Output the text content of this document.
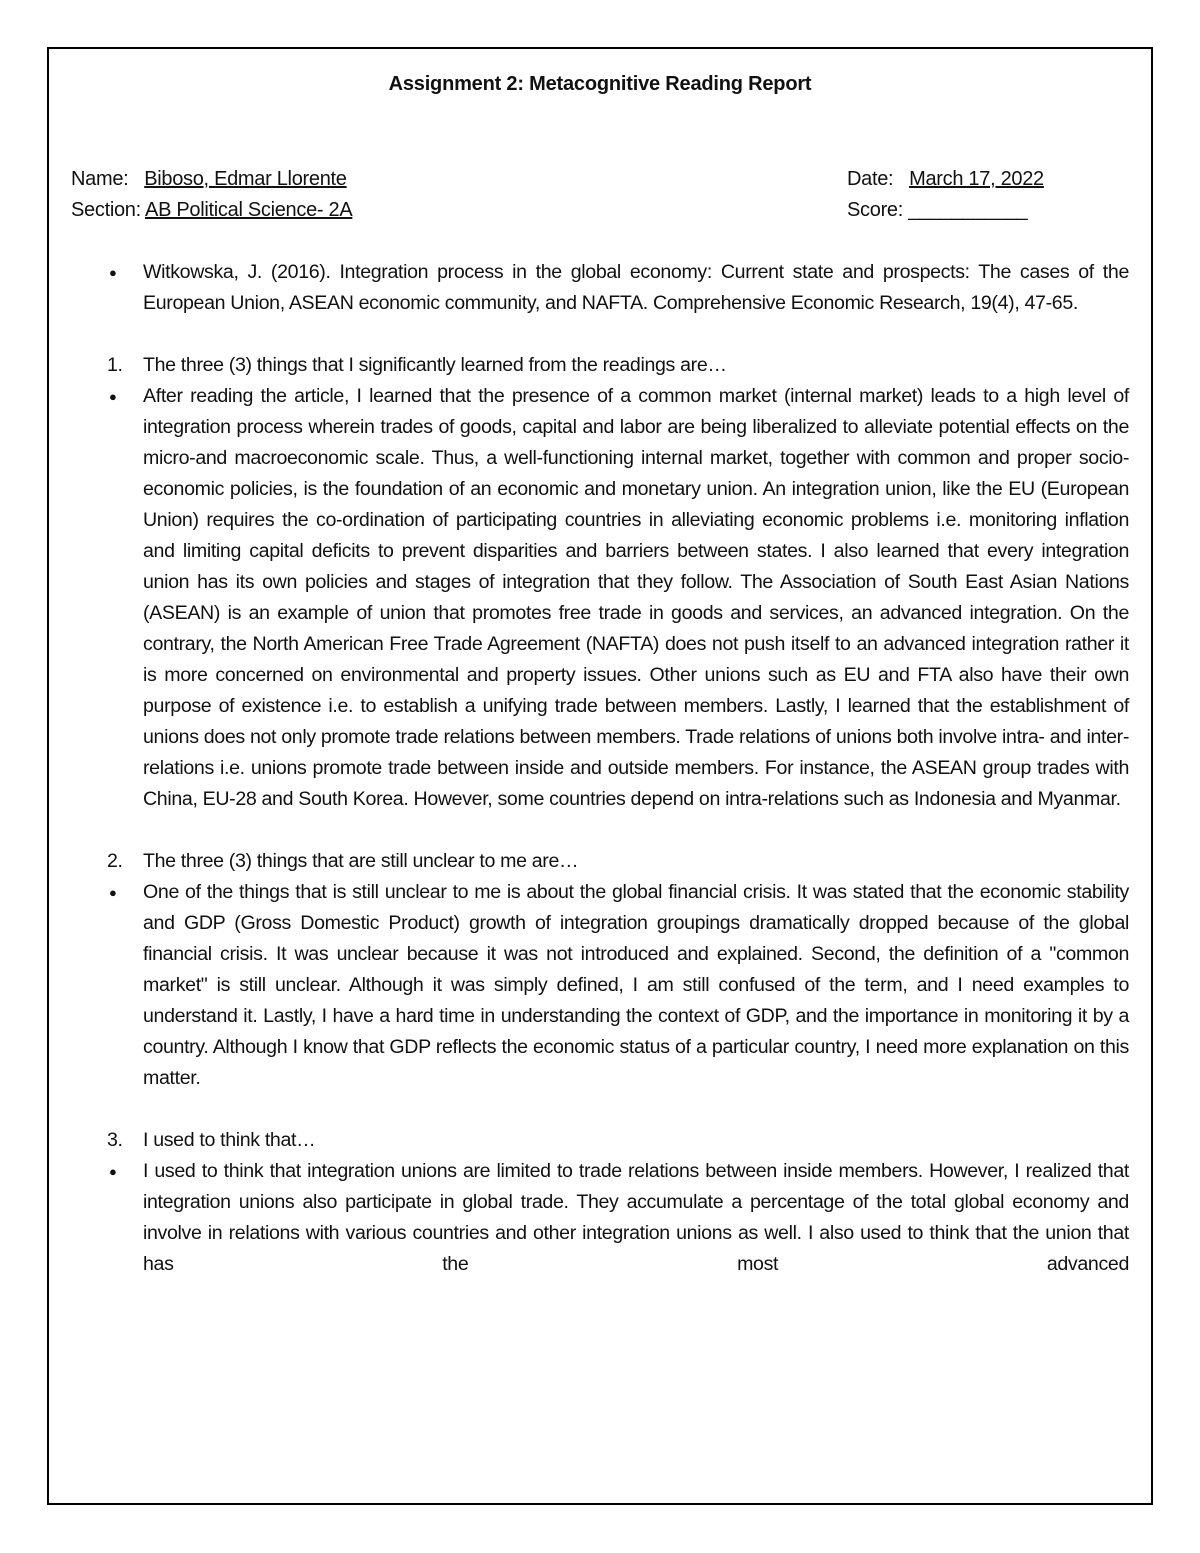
Assignment 2: Metacognitive Reading Report
Name: Biboso, Edmar Llorente
Section: AB Political Science- 2A
Date: March 17, 2022
Score: ___________
● Witkowska, J. (2016). Integration process in the global economy: Current state and prospects: The cases of the European Union, ASEAN economic community, and NAFTA. Comprehensive Economic Research, 19(4), 47-65.
1. The three (3) things that I significantly learned from the readings are…
● After reading the article, I learned that the presence of a common market (internal market) leads to a high level of integration process wherein trades of goods, capital and labor are being liberalized to alleviate potential effects on the micro-and macroeconomic scale. Thus, a well-functioning internal market, together with common and proper socio-economic policies, is the foundation of an economic and monetary union. An integration union, like the EU (European Union) requires the co-ordination of participating countries in alleviating economic problems i.e. monitoring inflation and limiting capital deficits to prevent disparities and barriers between states. I also learned that every integration union has its own policies and stages of integration that they follow. The Association of South East Asian Nations (ASEAN) is an example of union that promotes free trade in goods and services, an advanced integration. On the contrary, the North American Free Trade Agreement (NAFTA) does not push itself to an advanced integration rather it is more concerned on environmental and property issues. Other unions such as EU and FTA also have their own purpose of existence i.e. to establish a unifying trade between members. Lastly, I learned that the establishment of unions does not only promote trade relations between members. Trade relations of unions both involve intra- and inter-relations i.e. unions promote trade between inside and outside members. For instance, the ASEAN group trades with China, EU-28 and South Korea. However, some countries depend on intra-relations such as Indonesia and Myanmar.
2. The three (3) things that are still unclear to me are…
● One of the things that is still unclear to me is about the global financial crisis. It was stated that the economic stability and GDP (Gross Domestic Product) growth of integration groupings dramatically dropped because of the global financial crisis. It was unclear because it was not introduced and explained. Second, the definition of a "common market" is still unclear. Although it was simply defined, I am still confused of the term, and I need examples to understand it. Lastly, I have a hard time in understanding the context of GDP, and the importance in monitoring it by a country. Although I know that GDP reflects the economic status of a particular country, I need more explanation on this matter.
3. I used to think that…
● I used to think that integration unions are limited to trade relations between inside members. However, I realized that integration unions also participate in global trade. They accumulate a percentage of the total global economy and involve in relations with various countries and other integration unions as well. I also used to think that the union that has the most advanced
